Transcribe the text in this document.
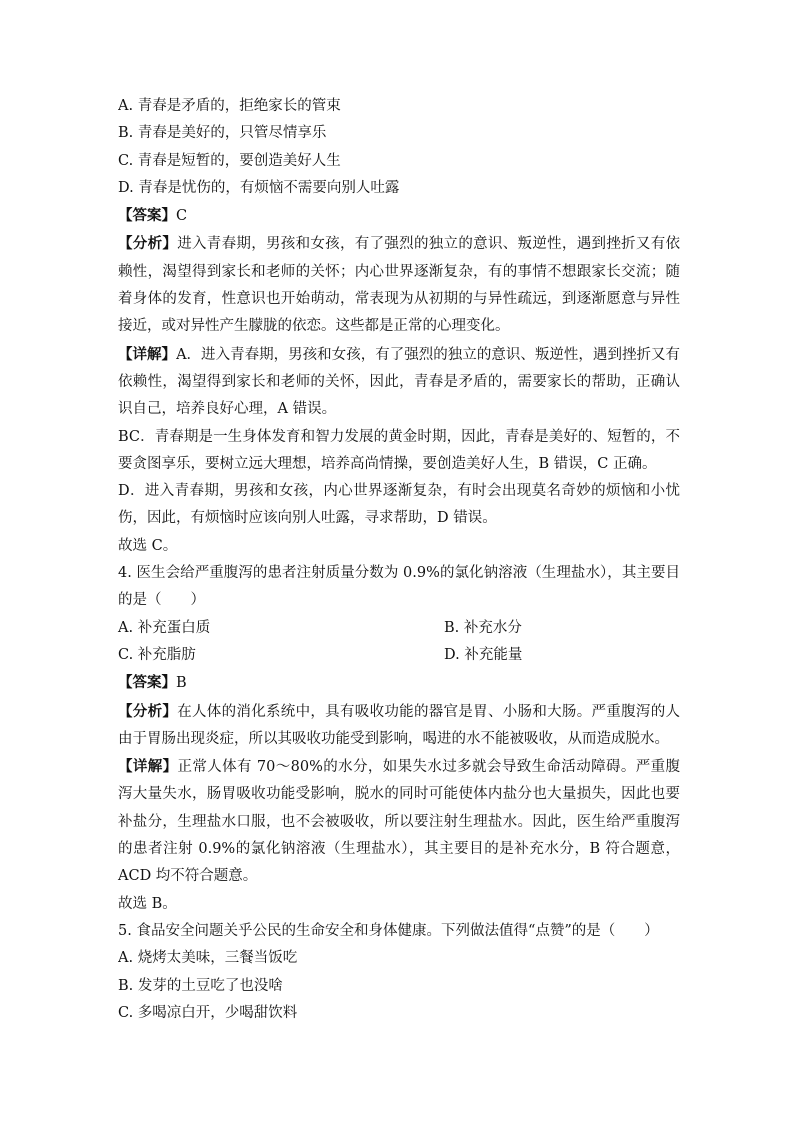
A. 青春是矛盾的，拒绝家长的管束
B. 青春是美好的，只管尽情享乐
C. 青春是短暂的，要创造美好人生
D. 青春是忧伤的，有烦恼不需要向别人吐露
【答案】C
【分析】进入青春期，男孩和女孩，有了强烈的独立的意识、叛逆性，遇到挫折又有依赖性，渴望得到家长和老师的关怀；内心世界逐渐复杂，有的事情不想跟家长交流；随着身体的发育，性意识也开始萌动，常表现为从初期的与异性疏远，到逐渐愿意与异性接近，或对异性产生朦胧的依恋。这些都是正常的心理变化。
【详解】A．进入青春期，男孩和女孩，有了强烈的独立的意识、叛逆性，遇到挫折又有依赖性，渴望得到家长和老师的关怀，因此，青春是矛盾的，需要家长的帮助，正确认识自己，培养良好心理，A 错误。
BC．青春期是一生身体发育和智力发展的黄金时期，因此，青春是美好的、短暂的，不要贪图享乐，要树立远大理想，培养高尚情操，要创造美好人生，B 错误，C 正确。
D．进入青春期，男孩和女孩，内心世界逐渐复杂，有时会出现莫名奇妙的烦恼和小忧伤，因此，有烦恼时应该向别人吐露，寻求帮助，D 错误。
故选 C。
4. 医生会给严重腹泻的患者注射质量分数为 0.9%的氯化钠溶液（生理盐水），其主要目的是（　　）
A. 补充蛋白质	B. 补充水分
C. 补充脂肪	D. 补充能量
【答案】B
【分析】在人体的消化系统中，具有吸收功能的器官是胃、小肠和大肠。严重腹泻的人由于胃肠出现炎症，所以其吸收功能受到影响，喝进的水不能被吸收，从而造成脱水。
【详解】正常人体有 70～80%的水分，如果失水过多就会导致生命活动障碍。严重腹泻大量失水，肠胃吸收功能受影响，脱水的同时可能使体内盐分也大量损失，因此也要补盐分，生理盐水口服，也不会被吸收，所以要注射生理盐水。因此，医生给严重腹泻的患者注射 0.9%的氯化钠溶液（生理盐水），其主要目的是补充水分，B 符合题意，ACD 均不符合题意。
故选 B。
5. 食品安全问题关乎公民的生命安全和身体健康。下列做法值得“点赞”的是（　　）
A. 烧烤太美味，三餐当饭吃
B. 发芽的土豆吃了也没啥
C. 多喝凉白开，少喝甜饮料
